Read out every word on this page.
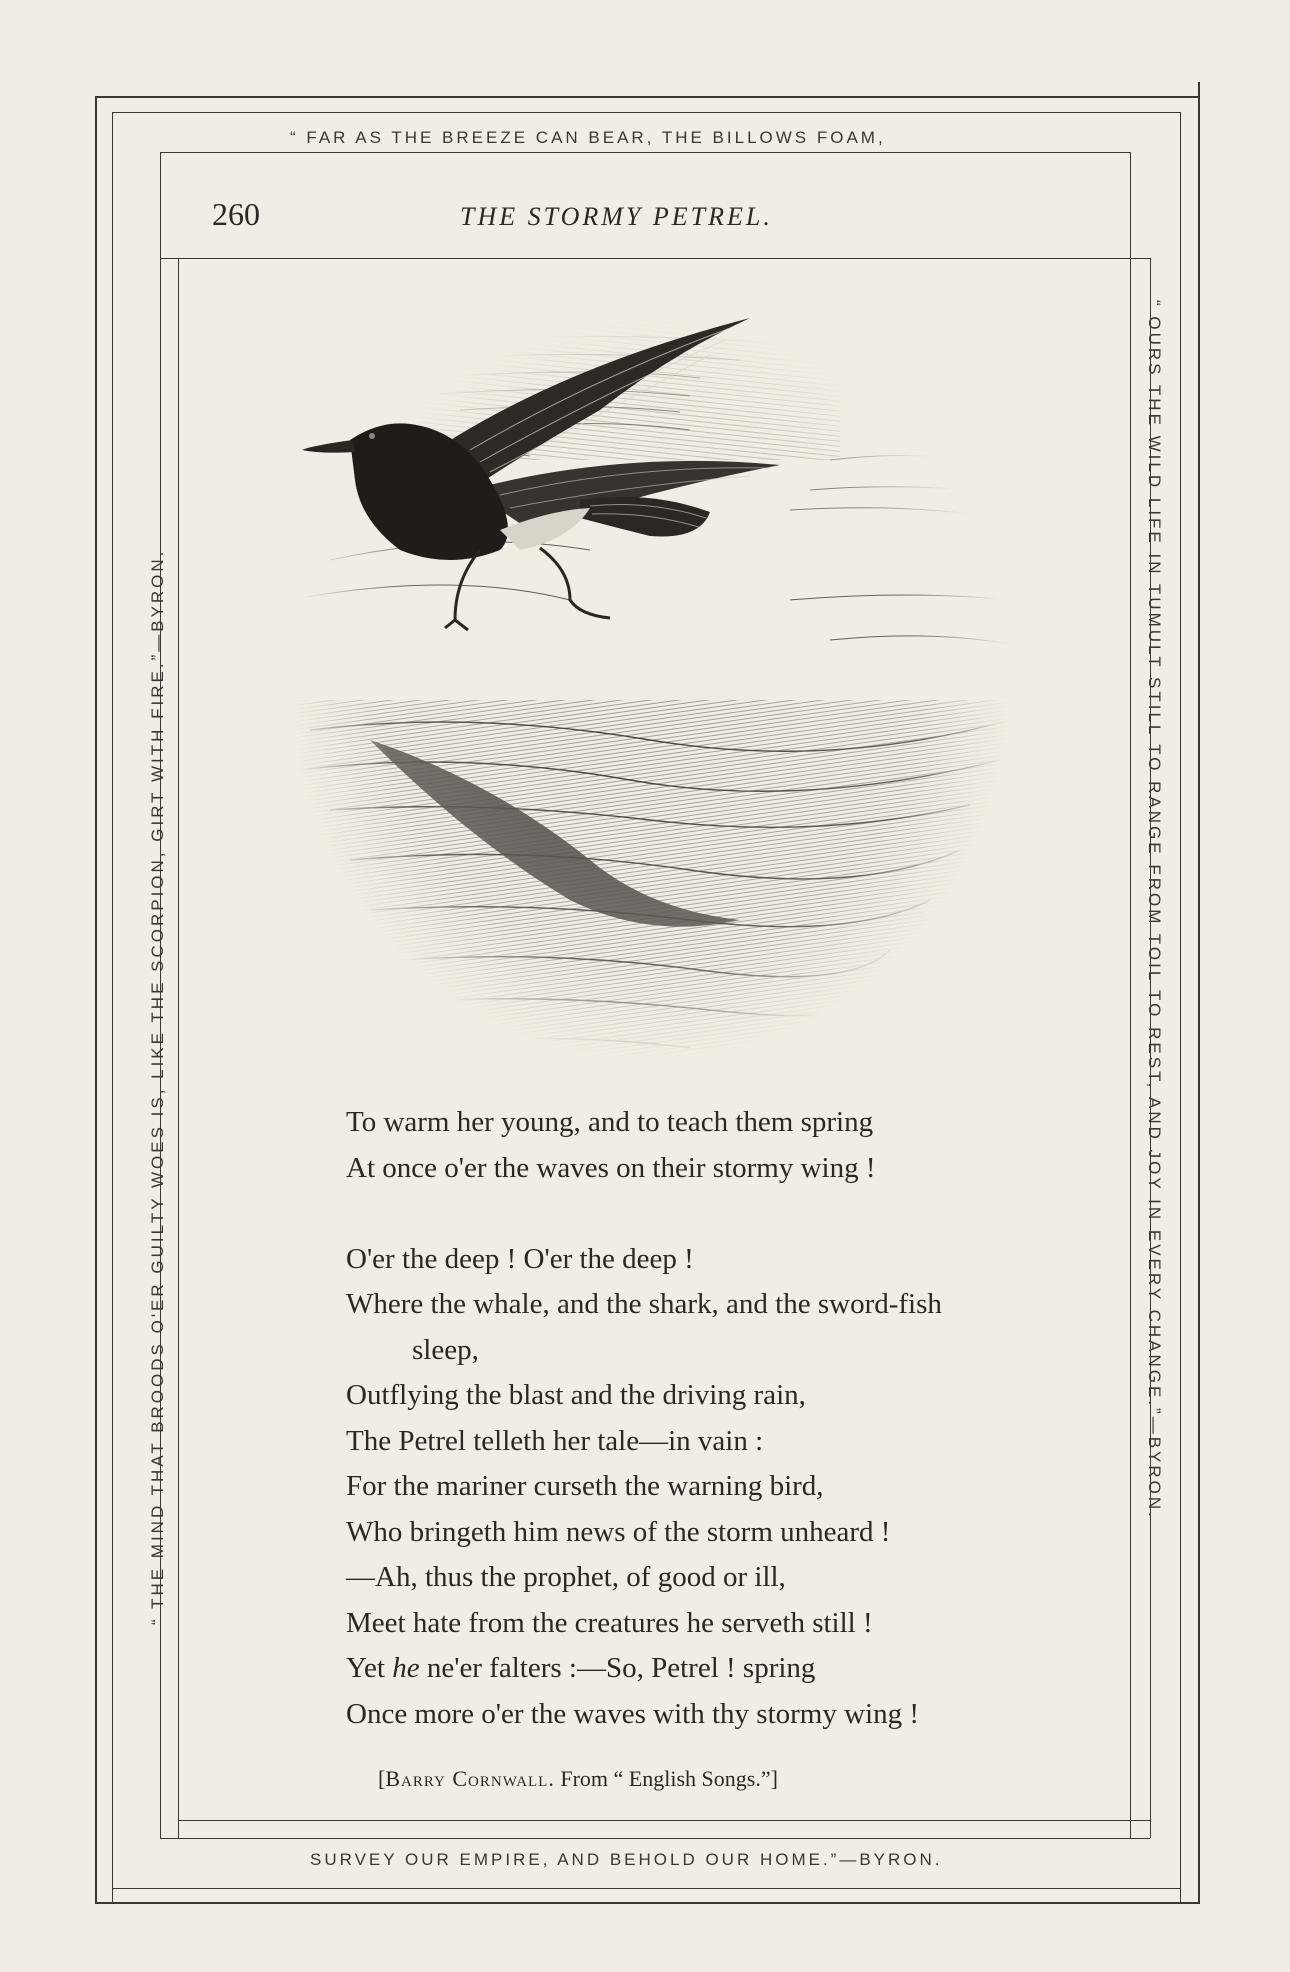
“ FAR AS THE BREEZE CAN BEAR, THE BILLOWS FOAM,
SURVEY OUR EMPIRE, AND BEHOLD OUR HOME.”—BYRON.
“ THE MIND THAT BROODS O'ER GUILTY WOES IS, LIKE THE SCORPION, GIRT WITH FIRE.”—BYRON.	“ OURS THE WILD LIFE IN TUMULT STILL TO RANGE FROM TOIL TO REST, AND JOY IN EVERY CHANGE.”—BYRON.
260	THE STORMY PETREL.
To warm her young, and to teach them spring
At once o'er the waves on their stormy wing !
O'er the deep ! O'er the deep !
Where the whale, and the shark, and the sword-fish
sleep,
Outflying the blast and the driving rain,
The Petrel telleth her tale—in vain :
For the mariner curseth the warning bird,
Who bringeth him news of the storm unheard !
—Ah, thus the prophet, of good or ill,
Meet hate from the creatures he serveth still !
Yet he ne'er falters :—So, Petrel ! spring
Once more o'er the waves with thy stormy wing !
[Barry Cornwall. From “ English Songs.”]
